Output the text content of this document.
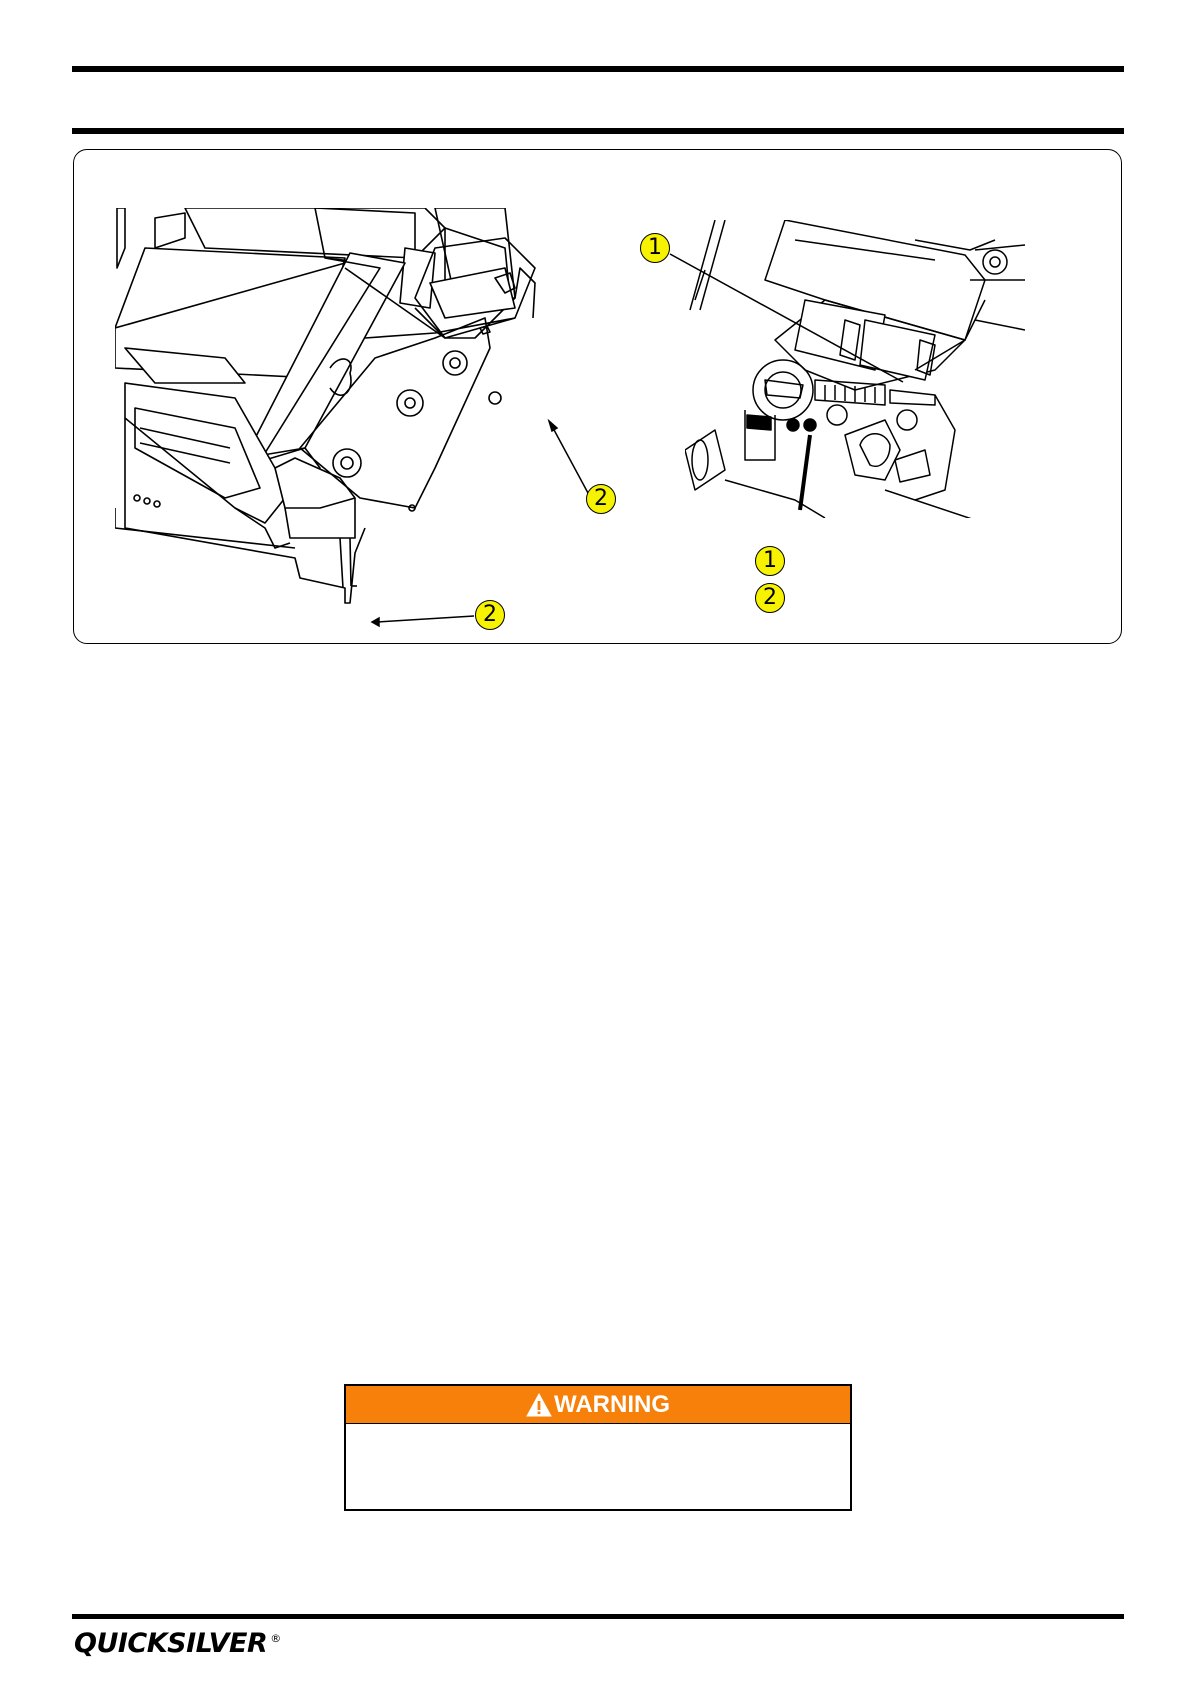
2
2
1
1
2
WARNING
QUICKSILVER ®
